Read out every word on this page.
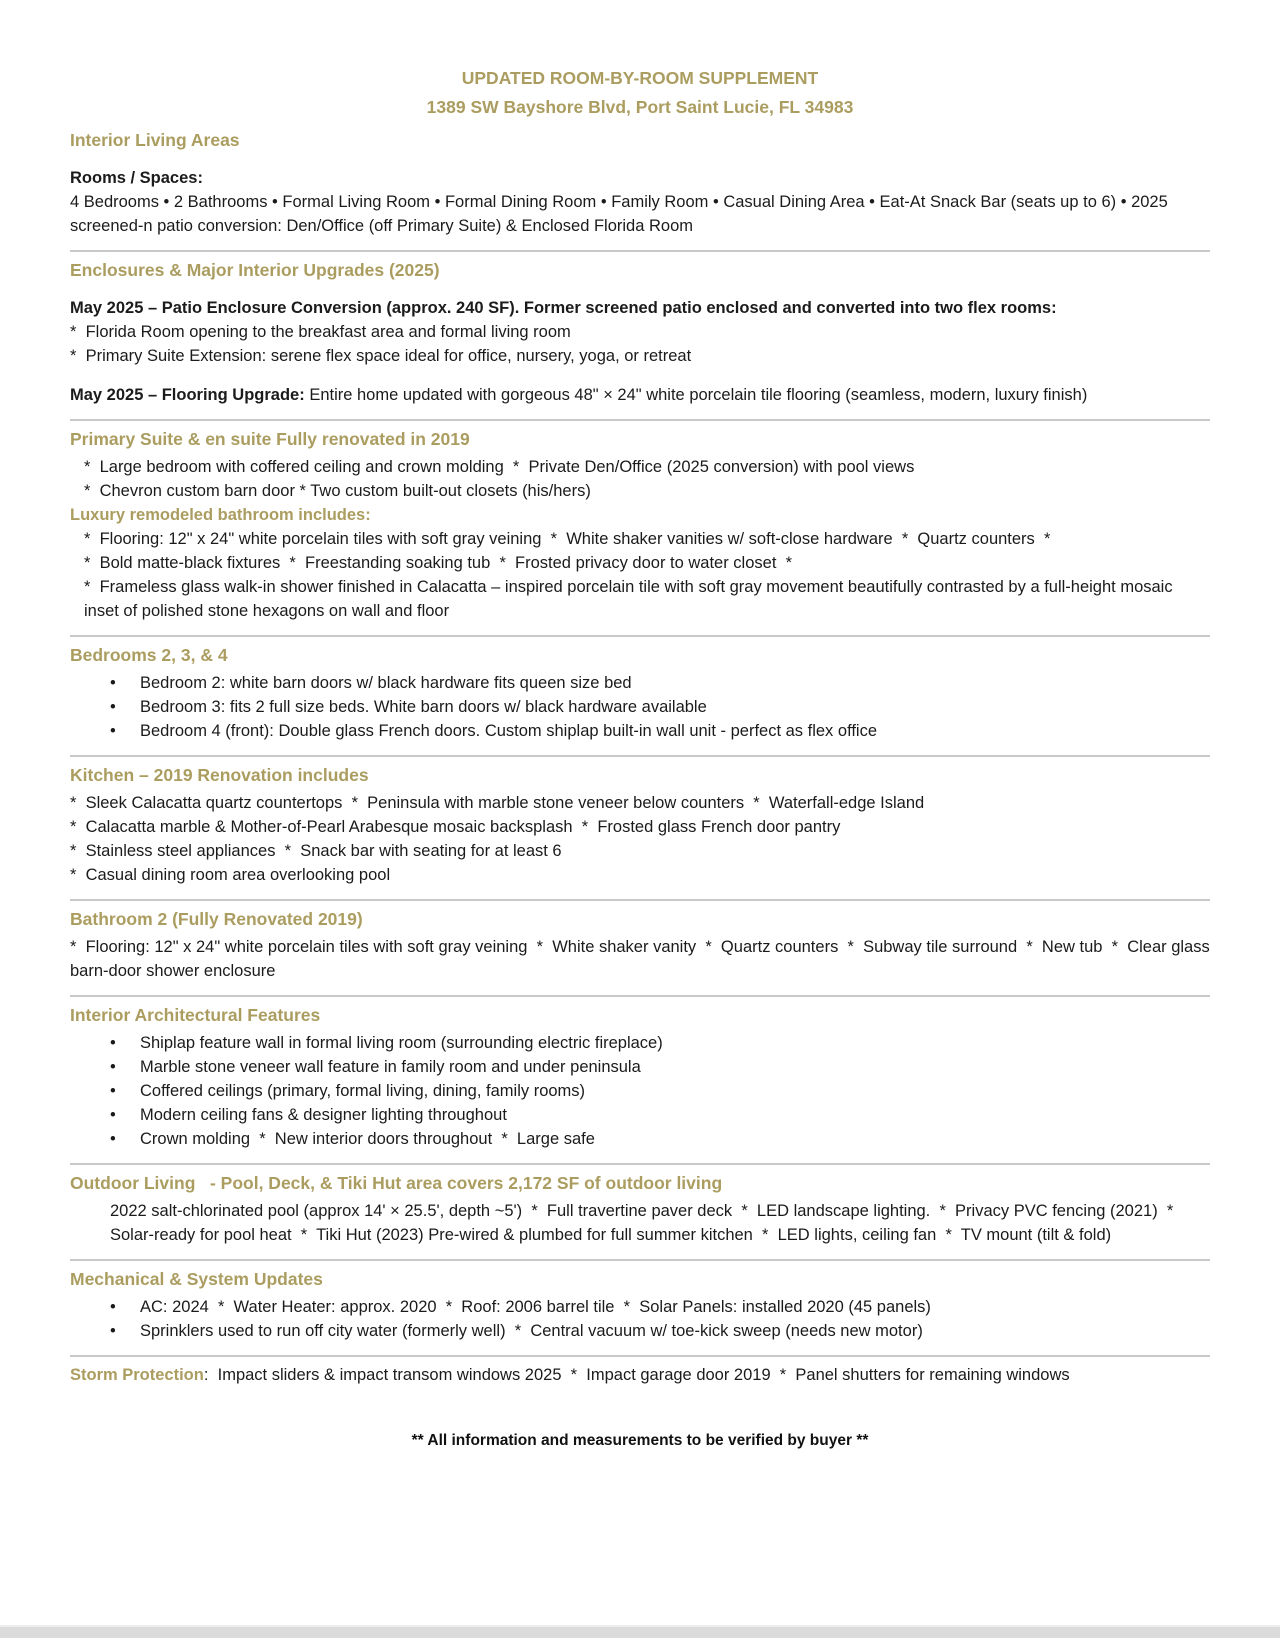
UPDATED ROOM-BY-ROOM SUPPLEMENT
1389 SW Bayshore Blvd, Port Saint Lucie, FL 34983
Interior Living Areas

Rooms / Spaces:

4 Bedrooms • 2 Bathrooms • Formal Living Room • Formal Dining Room • Family Room • Casual Dining Area • Eat-At Snack Bar (seats up to 6) • 2025 screened-n patio conversion: Den/Office (off Primary Suite) & Enclosed Florida Room

Enclosures & Major Interior Upgrades (2025)

May 2025 – Patio Enclosure Conversion (approx. 240 SF). Former screened patio enclosed and converted into two flex rooms:

*  Florida Room opening to the breakfast area and formal living room

*  Primary Suite Extension: serene flex space ideal for office, nursery, yoga, or retreat

May 2025 – Flooring Upgrade: Entire home updated with gorgeous 48" × 24" white porcelain tile flooring (seamless, modern, luxury finish)

Primary Suite & en suite Fully renovated in 2019

*  Large bedroom with coffered ceiling and crown molding  *  Private Den/Office (2025 conversion) with pool views

*  Chevron custom barn door * Two custom built-out closets (his/hers)

Luxury remodeled bathroom includes:

*  Flooring: 12" x 24" white porcelain tiles with soft gray veining  *  White shaker vanities w/ soft-close hardware  *  Quartz counters  *

*  Bold matte-black fixtures  *  Freestanding soaking tub  *  Frosted privacy door to water closet  *

*  Frameless glass walk-in shower finished in Calacatta – inspired porcelain tile with soft gray movement beautifully contrasted by a full-height mosaic inset of polished stone hexagons on wall and floor

Bedrooms 2, 3, & 4

•	Bedroom 2: white barn doors w/ black hardware fits queen size bed

•	Bedroom 3: fits 2 full size beds. White barn doors w/ black hardware available

•	Bedroom 4 (front): Double glass French doors. Custom shiplap built-in wall unit - perfect as flex office

Kitchen – 2019 Renovation includes

*  Sleek Calacatta quartz countertops  *  Peninsula with marble stone veneer below counters  *  Waterfall-edge Island

*  Calacatta marble & Mother-of-Pearl Arabesque mosaic backsplash  *  Frosted glass French door pantry

*  Stainless steel appliances  *  Snack bar with seating for at least 6

*  Casual dining room area overlooking pool

Bathroom 2 (Fully Renovated 2019)

*  Flooring: 12" x 24" white porcelain tiles with soft gray veining  *  White shaker vanity  *  Quartz counters  *  Subway tile surround  *  New tub  *  Clear glass barn-door shower enclosure

Interior Architectural Features

•	Shiplap feature wall in formal living room (surrounding electric fireplace)

•	Marble stone veneer wall feature in family room and under peninsula

•	Coffered ceilings (primary, formal living, dining, family rooms)

•	Modern ceiling fans & designer lighting throughout

•	Crown molding  *  New interior doors throughout  *  Large safe

Outdoor Living   - Pool, Deck, & Tiki Hut area covers 2,172 SF of outdoor living

2022 salt-chlorinated pool (approx 14' × 25.5', depth ~5')  *  Full travertine paver deck  *  LED landscape lighting.  *  Privacy PVC fencing (2021)  *  Solar-ready for pool heat  *  Tiki Hut (2023) Pre-wired & plumbed for full summer kitchen  *  LED lights, ceiling fan  *  TV mount (tilt & fold)

Mechanical & System Updates

•	AC: 2024  *  Water Heater: approx. 2020  *  Roof: 2006 barrel tile  *  Solar Panels: installed 2020 (45 panels)

•	Sprinklers used to run off city water (formerly well)  *  Central vacuum w/ toe-kick sweep (needs new motor)

Storm Protection:  Impact sliders & impact transom windows 2025  *  Impact garage door 2019  *  Panel shutters for remaining windows

** All information and measurements to be verified by buyer **
